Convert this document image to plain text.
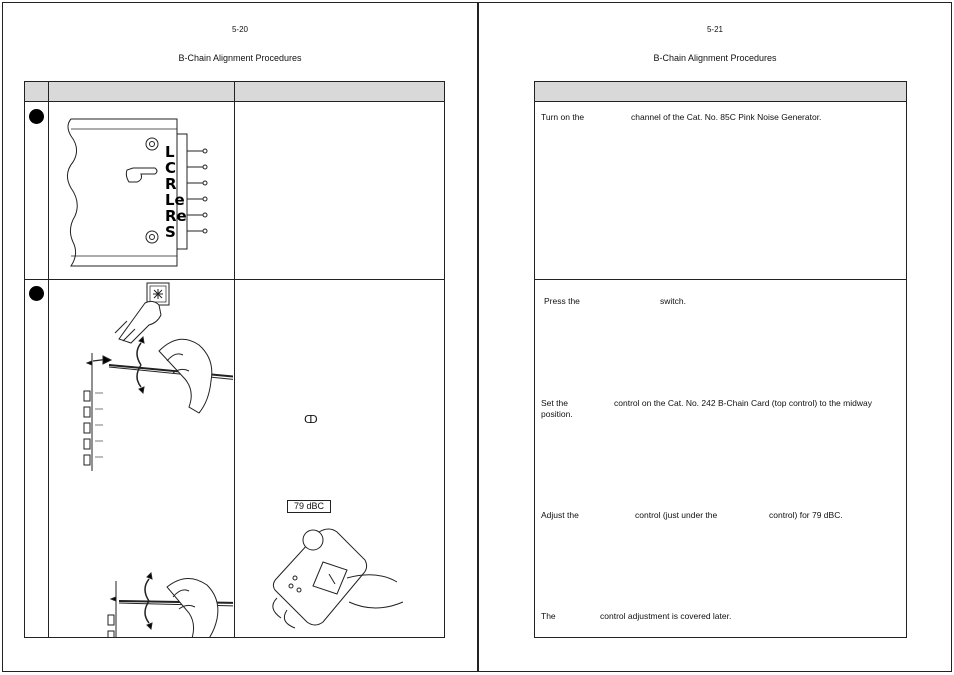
5-20
B-Chain Alignment Procedures
L
C
R
Le
Re
S
ↀ
79 dBC
5-21
B-Chain Alignment Procedures
Turn on the	channel of the Cat. No. 85C Pink Noise Generator.
Press the	switch.
Set the	control on the Cat. No. 242 B-Chain Card (top control) to the midway
position.
Adjust the	control (just under the	control) for 79 dBC.
The	control adjustment is covered later.
